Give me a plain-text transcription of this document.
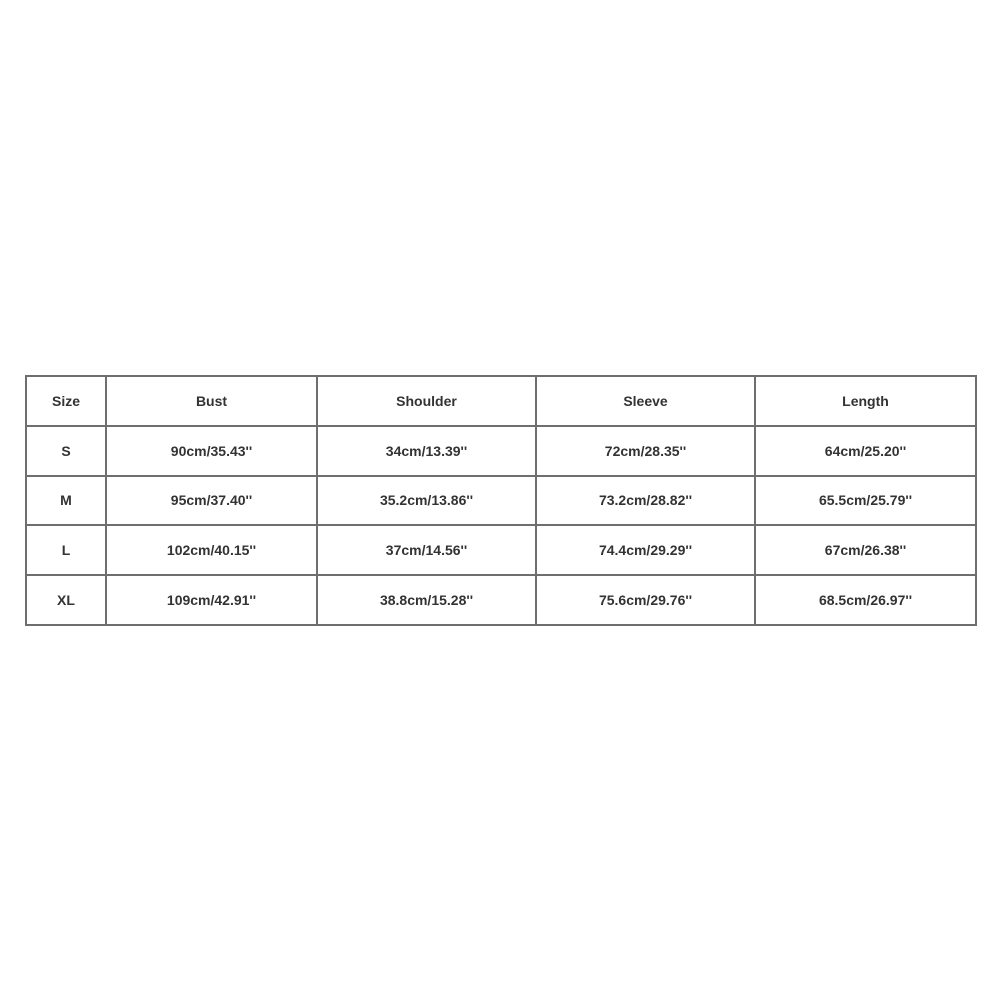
Size	Bust	Shoulder	Sleeve	Length
S	90cm/35.43''	34cm/13.39''	72cm/28.35''	64cm/25.20''
M	95cm/37.40''	35.2cm/13.86''	73.2cm/28.82''	65.5cm/25.79''
L	102cm/40.15''	37cm/14.56''	74.4cm/29.29''	67cm/26.38''
XL	109cm/42.91''	38.8cm/15.28''	75.6cm/29.76''	68.5cm/26.97''
